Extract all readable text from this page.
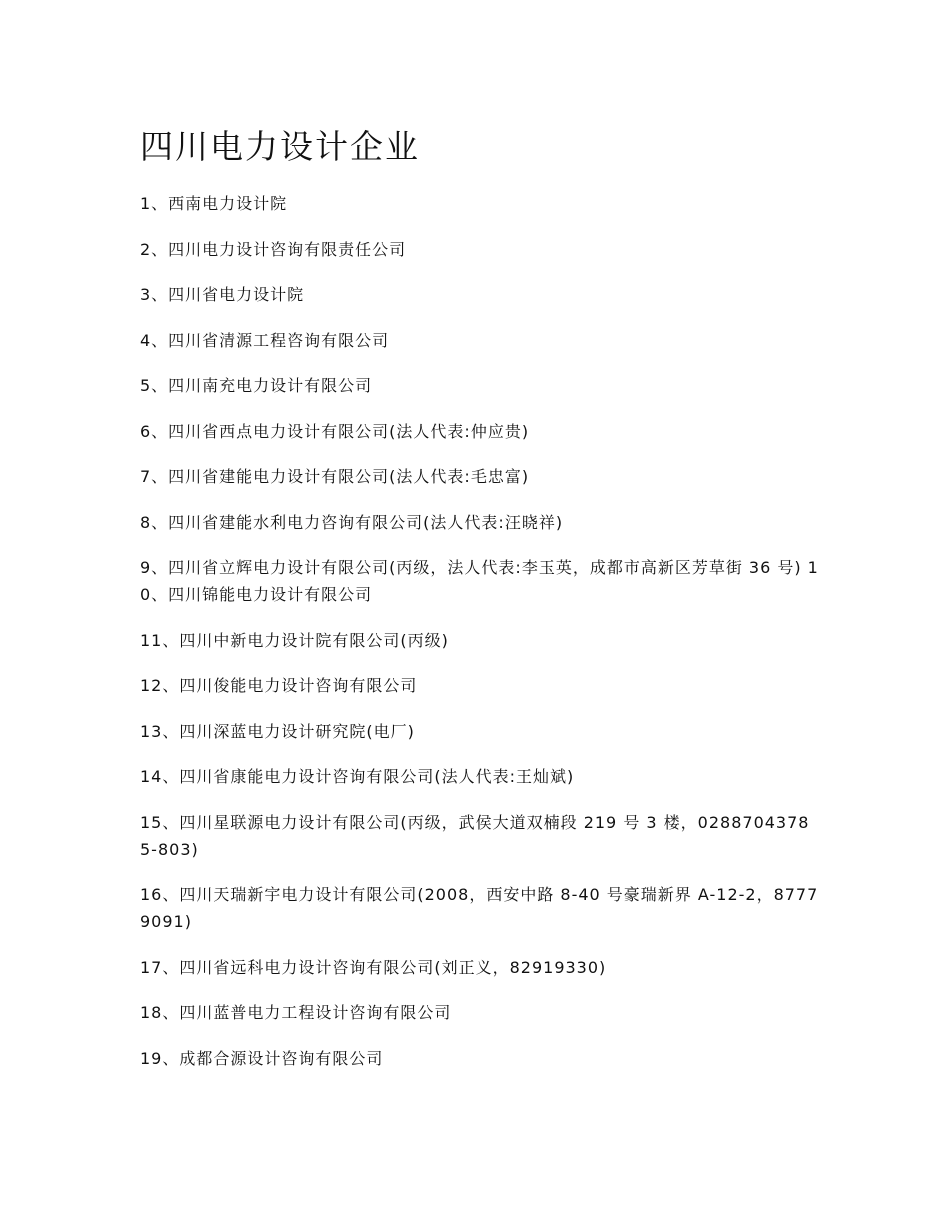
四川电力设计企业
1、西南电力设计院
2、四川电力设计咨询有限责任公司
3、四川省电力设计院
4、四川省清源工程咨询有限公司
5、四川南充电力设计有限公司
6、四川省西点电力设计有限公司(法人代表:仲应贵)
7、四川省建能电力设计有限公司(法人代表:毛忠富)
8、四川省建能水利电力咨询有限公司(法人代表:汪晓祥)
9、四川省立辉电力设计有限公司(丙级，法人代表:李玉英，成都市高新区芳草街 36 号) 10、四川锦能电力设计有限公司
11、四川中新电力设计院有限公司(丙级)
12、四川俊能电力设计咨询有限公司
13、四川深蓝电力设计研究院(电厂)
14、四川省康能电力设计咨询有限公司(法人代表:王灿斌)
15、四川星联源电力设计有限公司(丙级，武侯大道双楠段 219 号 3 楼，02887043785-803)
16、四川天瑞新宇电力设计有限公司(2008，西安中路 8-40 号豪瑞新界 A-12-2，87779091)
17、四川省远科电力设计咨询有限公司(刘正义，82919330)
18、四川蓝普电力工程设计咨询有限公司
19、成都合源设计咨询有限公司
